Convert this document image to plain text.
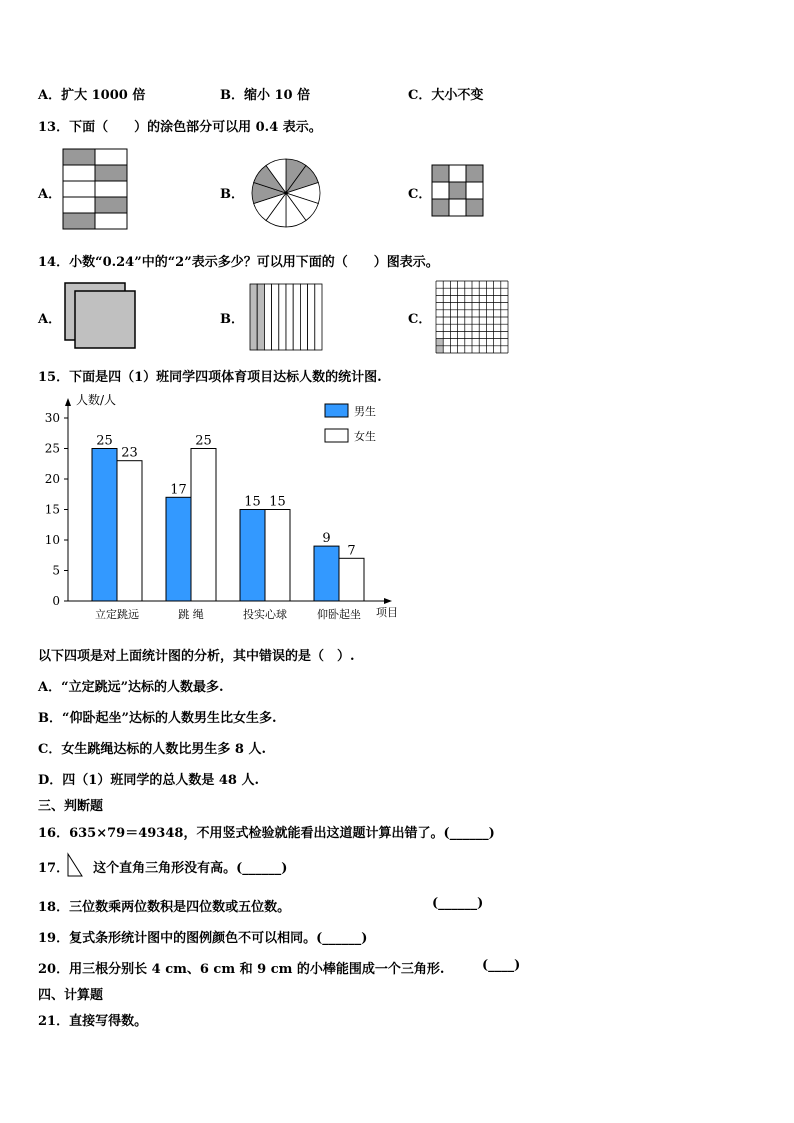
A．扩大 1000 倍	B．缩小 10 倍	C．大小不变
13．下面（　　）的涂色部分可以用 0.4 表示。
A．	B．	C．
14．小数“0.24”中的“2”表示多少？可以用下面的（　　）图表示。
A．	B．	C．
15．下面是四（1）班同学四项体育项目达标人数的统计图.
人数/人
项目
0
5
10
15
20
25
30
25
23
立定跳远
17
25
跳 绳
15 15
投实心球
9
7
仰卧起坐
男生
女生
以下四项是对上面统计图的分析，其中错误的是（　）.
A．“立定跳远”达标的人数最多.
B．“仰卧起坐”达标的人数男生比女生多.
C．女生跳绳达标的人数比男生多 8 人.
D．四（1）班同学的总人数是 48 人.
三、判断题
16．635×79＝49348，不用竖式检验就能看出这道题计算出错了。(______)
17．　　 这个直角三角形没有高。(______)
18．三位数乘两位数积是四位数或五位数。	(______)
19．复式条形统计图中的图例颜色不可以相同。(______)
20．用三根分别长 4 cm、6 cm 和 9 cm 的小棒能围成一个三角形.	(____)
四、计算题
21．直接写得数。
